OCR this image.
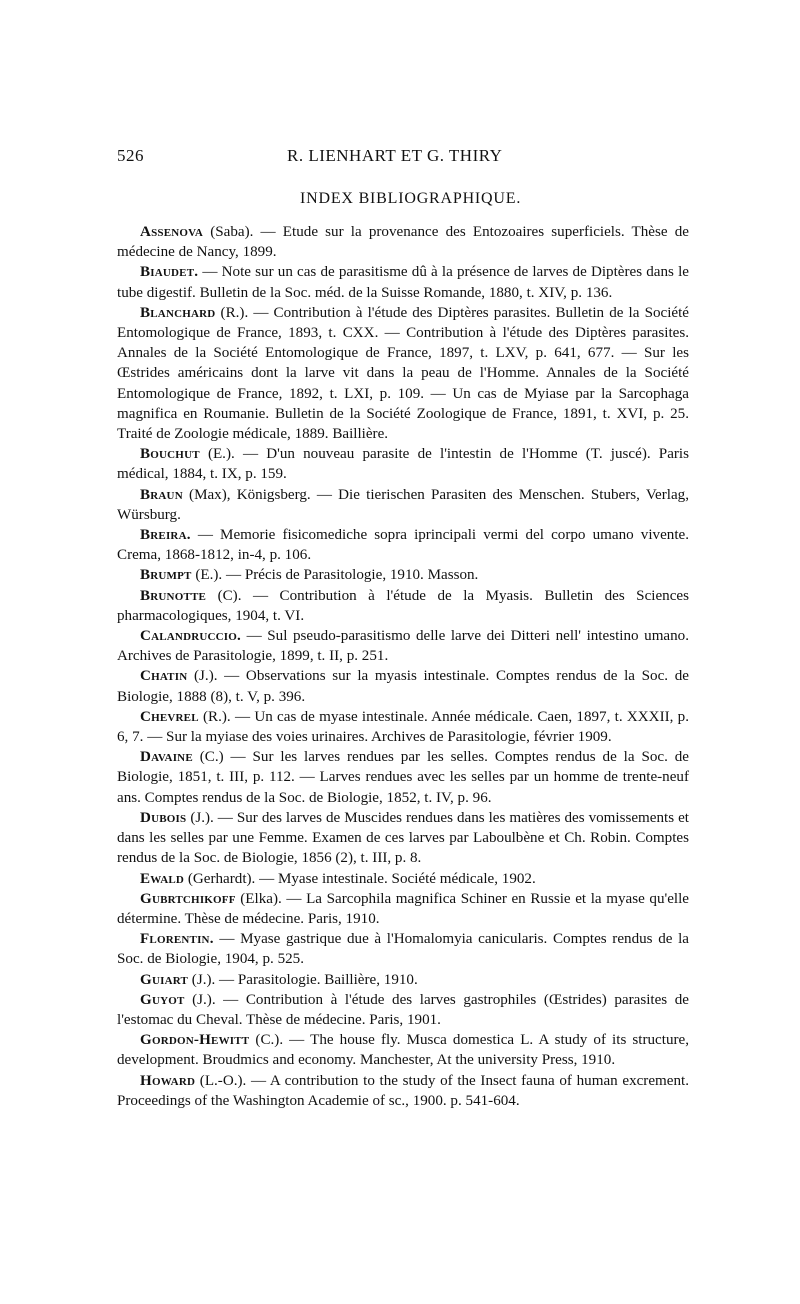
526	R. LIENHART ET G. THIRY
INDEX BIBLIOGRAPHIQUE.

Assenova (Saba). — Etude sur la provenance des Entozoaires superficiels. Thèse de médecine de Nancy, 1899.

Biaudet. — Note sur un cas de parasitisme dû à la présence de larves de Diptères dans le tube digestif. Bulletin de la Soc. méd. de la Suisse Romande, 1880, t. XIV, p. 136.

Blanchard (R.). — Contribution à l'étude des Diptères parasites. Bulletin de la Société Entomologique de France, 1893, t. CXX. — Contribution à l'étude des Diptères parasites. Annales de la Société Entomologique de France, 1897, t. LXV, p. 641, 677. — Sur les Œstrides américains dont la larve vit dans la peau de l'Homme. Annales de la Société Entomologique de France, 1892, t. LXI, p. 109. — Un cas de Myiase par la Sarcophaga magnifica en Roumanie. Bulletin de la Société Zoologique de France, 1891, t. XVI, p. 25. Traité de Zoologie médicale, 1889. Baillière.

Bouchut (E.). — D'un nouveau parasite de l'intestin de l'Homme (T. juscé). Paris médical, 1884, t. IX, p. 159.

Braun (Max), Königsberg. — Die tierischen Parasiten des Menschen. Stubers, Verlag, Würsburg.

Breira. — Memorie fisicomediche sopra iprincipali vermi del corpo umano vivente. Crema, 1868-1812, in-4, p. 106.

Brumpt (E.). — Précis de Parasitologie, 1910. Masson.

Brunotte (C). — Contribution à l'étude de la Myasis. Bulletin des Sciences pharmacologiques, 1904, t. VI.

Calandruccio. — Sul pseudo-parasitismo delle larve dei Ditteri nell' intestino umano. Archives de Parasitologie, 1899, t. II, p. 251.

Chatin (J.). — Observations sur la myasis intestinale. Comptes rendus de la Soc. de Biologie, 1888 (8), t. V, p. 396.

Chevrel (R.). — Un cas de myase intestinale. Année médicale. Caen, 1897, t. XXXII, p. 6, 7. — Sur la myiase des voies urinaires. Archives de Parasitologie, février 1909.

Davaine (C.) — Sur les larves rendues par les selles. Comptes rendus de la Soc. de Biologie, 1851, t. III, p. 112. — Larves rendues avec les selles par un homme de trente-neuf ans. Comptes rendus de la Soc. de Biologie, 1852, t. IV, p. 96.

Dubois (J.). — Sur des larves de Muscides rendues dans les matières des vomissements et dans les selles par une Femme. Examen de ces larves par Laboulbène et Ch. Robin. Comptes rendus de la Soc. de Biologie, 1856 (2), t. III, p. 8.

Ewald (Gerhardt). — Myase intestinale. Société médicale, 1902.

Gubrtchikoff (Elka). — La Sarcophila magnifica Schiner en Russie et la myase qu'elle détermine. Thèse de médecine. Paris, 1910.

Florentin. — Myase gastrique due à l'Homalomyia canicularis. Comptes rendus de la Soc. de Biologie, 1904, p. 525.

Guiart (J.). — Parasitologie. Baillière, 1910.

Guyot (J.). — Contribution à l'étude des larves gastrophiles (Œstrides) parasites de l'estomac du Cheval. Thèse de médecine. Paris, 1901.

Gordon-Hewitt (C.). — The house fly. Musca domestica L. A study of its structure, development. Broudmics and economy. Manchester, At the university Press, 1910.

Howard (L.-O.). — A contribution to the study of the Insect fauna of human excrement. Proceedings of the Washington Academie of sc., 1900. p. 541-604.
